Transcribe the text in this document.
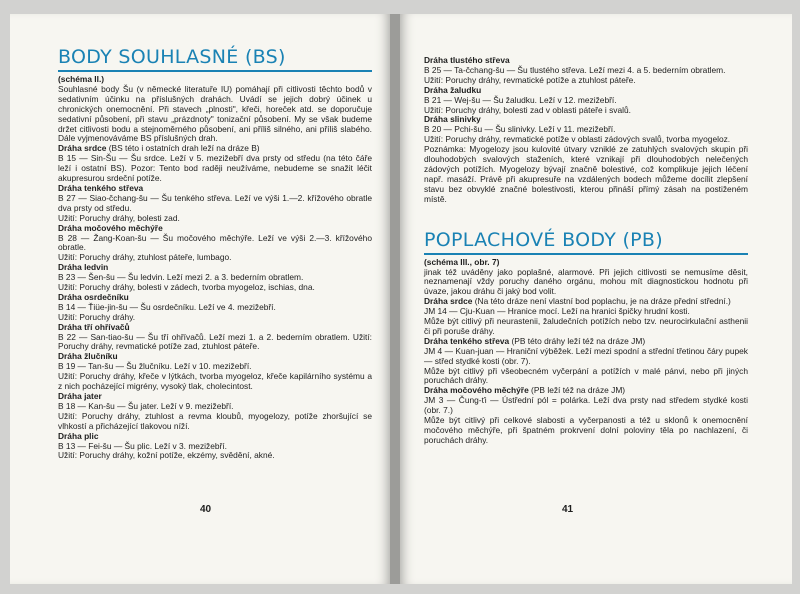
BODY SOUHLASNÉ (BS)

(schéma II.)

Souhlasné body Šu (v německé literatuře IU) pomáhají při citlivosti těchto bodů v sedativním účinku na příslušných drahách. Uvádí se jejich dobrý účinek u chronických onemocnění. Při stavech „plnosti", křeči, horeček atd. se doporučuje sedativní působení, při stavu „prázdnoty" tonizační působení. My se však budeme držet citlivosti bodu a stejnoměrného působení, ani příliš silného, ani příliš slabého. Dále vyjmenováváme BS příslušných drah.

Dráha srdce (BS této i ostatních drah leží na dráze B)

B 15 — Sin-Šu — Šu srdce. Leží v 5. mezižebří dva prsty od středu (na této čáře leží i ostatní BS). Pozor: Tento bod raději neužíváme, nebudeme se snažit léčit akupresurou srdeční potíže.

Dráha tenkého střeva

B 27 — Siao-čchang-šu — Šu tenkého střeva. Leží ve výši 1.—2. křížového obratle dva prsty od středu.

Užití: Poruchy dráhy, bolesti zad.

Dráha močového měchýře

B 28 — Žang-Koan-šu — Šu močového měchýře. Leží ve výši 2.—3. křížového obratle.

Užití: Poruchy dráhy, ztuhlost páteře, lumbago.

Dráha ledvin

B 23 — Šen-šu — Šu ledvin. Leží mezi 2. a 3. bederním obratlem.

Užití: Poruchy dráhy, bolesti v zádech, tvorba myogeloz, ischias, dna.

Dráha osrdečníku

B 14 — Ťiüe-jin-šu — Šu osrdečníku. Leží ve 4. mezižebří.

Užití: Poruchy dráhy.

Dráha tří ohřívačů

B 22 — San-tiao-šu — Šu tří ohřívačů. Leží mezi 1. a 2. bederním obratlem. Užití: Poruchy dráhy, revmatické potíže zad, ztuhlost páteře.

Dráha žlučníku

B 19 — Tan-šu — Šu žlučníku. Leží v 10. mezižebří.

Užití: Poruchy dráhy, křeče v lýtkách, tvorba myogeloz, křeče kapilárního systému a z nich pocházející migrény, vysoký tlak, cholecintost.

Dráha jater

B 18 — Kan-šu — Šu jater. Leží v 9. mezižebří.

Užití: Poruchy dráhy, ztuhlost a revma kloubů, myogelozy, potíže zhoršující se vlhkostí a přicházející tlakovou níží.

Dráha plic

B 13 — Fei-šu — Šu plic. Leží v 3. mezižebří.

Užití: Poruchy dráhy, kožní potíže, ekzémy, svědění, akné.

40

Dráha tlustého střeva

B 25 — Ta-čchang-šu — Šu tlustého střeva. Leží mezi 4. a 5. bederním obratlem.

Užití: Poruchy dráhy, revmatické potíže a ztuhlost páteře.

Dráha žaludku

B 21 — Wej-šu — Šu žaludku. Leží v 12. mezižebří.

Užití: Poruchy dráhy, bolesti zad v oblasti páteře i svalů.

Dráha slinivky

B 20 — Pchi-šu — Šu slinivky. Leží v 11. mezižebří.

Užití: Poruchy dráhy, revmatické potíže v oblasti zádových svalů, tvorba myogeloz.

Poznámka: Myogelozy jsou kulovité útvary vzniklé ze zatuhlých svalových skupin při dlouhodobých svalových staženích, které vznikají při dlouhodobých nelečených zádových potížích. Myogelozy bývají značně bolestivé, což komplikuje jejich léčení např. masáží. Právě při akupresuře na vzdálených bodech můžeme docílit zlepšení stavu bez obvyklé značné bolestivosti, kterou přináší přímý zásah na postiženém místě.

POPLACHOVÉ BODY (PB)

(schéma III., obr. 7)

jinak též uváděny jako poplašné, alarmové. Při jejich citlivosti se nemusíme děsit, neznamenají vždy poruchy daného orgánu, mohou mít diagnostickou hodnotu při úvaze, jakou dráhu či jaký bod volit.

Dráha srdce (Na této dráze není vlastní bod poplachu, je na dráze přední střední.)

JM 14 — Cju-Kuan — Hranice mocí. Leží na hranici špičky hrudní kosti.

Může být citlivý při neurastenii, žaludečních potížích nebo tzv. neurocirkulační asthenii či při poruše dráhy.

Dráha tenkého střeva (PB této dráhy leží též na dráze JM)

JM 4 — Kuan-juan — Hraniční výběžek. Leží mezi spodní a střední třetinou čáry pupek — střed stydké kosti (obr. 7).

Může být citlivý při všeobecném vyčerpání a potížích v malé pánvi, nebo při jiných poruchách dráhy.

Dráha močového měchýře (PB leží též na dráze JM)

JM 3 — Čung-ťi — Ústřední pól = polárka. Leží dva prsty nad středem stydké kosti (obr. 7.)

Může být citlivý při celkové slabosti a vyčerpanosti a též u sklonů k onemocnění močového měchýře, při špatném prokrvení dolní poloviny těla po nachlazení, či poruchách dráhy.

41
